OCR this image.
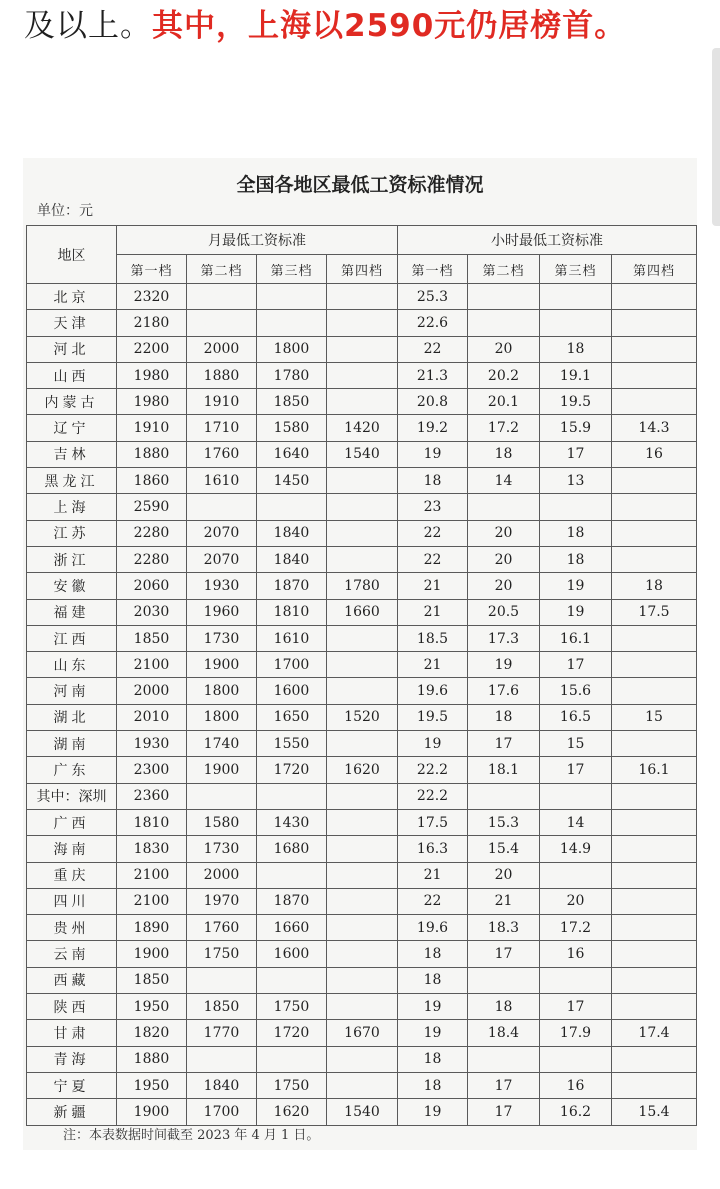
及以上。其中，上海以2590元仍居榜首。
全国各地区最低工资标准情况
单位：元
地区	月最低工资标准				小时最低工资标准			
	第一档	第二档	第三档	第四档	第一档	第二档	第三档	第四档
北京	2320				25.3			
天津	2180				22.6			
河北	2200	2000	1800		22	20	18	
山西	1980	1880	1780		21.3	20.2	19.1	
内蒙古	1980	1910	1850		20.8	20.1	19.5	
辽宁	1910	1710	1580	1420	19.2	17.2	15.9	14.3
吉林	1880	1760	1640	1540	19	18	17	16
黑龙江	1860	1610	1450		18	14	13	
上海	2590				23			
江苏	2280	2070	1840		22	20	18	
浙江	2280	2070	1840		22	20	18	
安徽	2060	1930	1870	1780	21	20	19	18
福建	2030	1960	1810	1660	21	20.5	19	17.5
江西	1850	1730	1610		18.5	17.3	16.1	
山东	2100	1900	1700		21	19	17	
河南	2000	1800	1600		19.6	17.6	15.6	
湖北	2010	1800	1650	1520	19.5	18	16.5	15
湖南	1930	1740	1550		19	17	15	
广东	2300	1900	1720	1620	22.2	18.1	17	16.1
其中：深圳	2360				22.2			
广西	1810	1580	1430		17.5	15.3	14	
海南	1830	1730	1680		16.3	15.4	14.9	
重庆	2100	2000			21	20		
四川	2100	1970	1870		22	21	20	
贵州	1890	1760	1660		19.6	18.3	17.2	
云南	1900	1750	1600		18	17	16	
西藏	1850				18			
陕西	1950	1850	1750		19	18	17	
甘肃	1820	1770	1720	1670	19	18.4	17.9	17.4
青海	1880				18			
宁夏	1950	1840	1750		18	17	16	
新疆	1900	1700	1620	1540	19	17	16.2	15.4
注：本表数据时间截至 2023 年 4 月 1 日。
